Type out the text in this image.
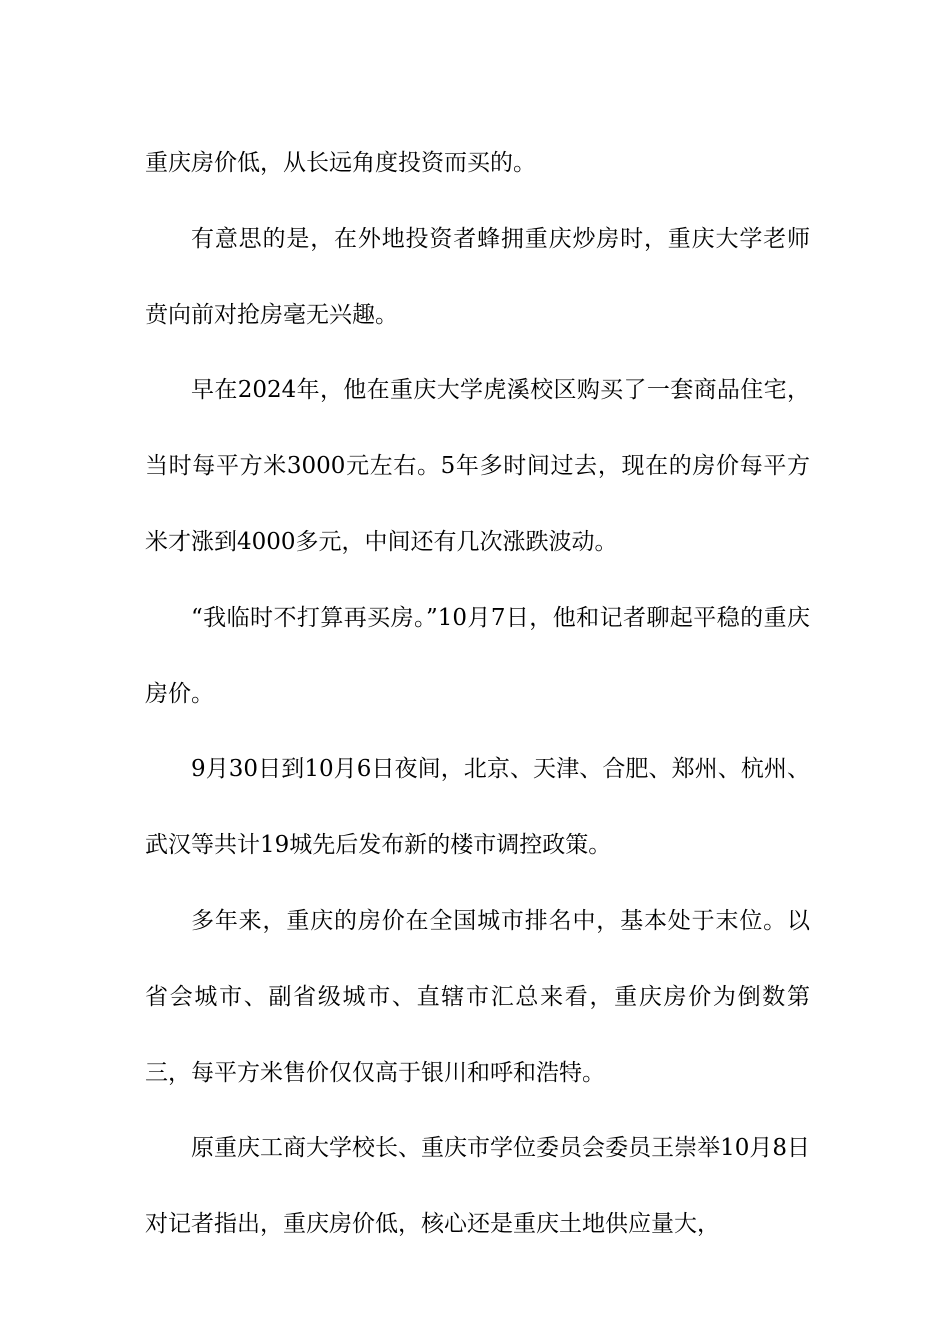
重庆房价低，从长远角度投资而买的。

有意思的是，在外地投资者蜂拥重庆炒房时，重庆大学老师贲向前对抢房毫无兴趣。

早在2024年，他在重庆大学虎溪校区购买了一套商品住宅，当时每平方米3000元左右。5年多时间过去，现在的房价每平方米才涨到4000多元，中间还有几次涨跌波动。

“我临时不打算再买房。”10月7日，他和记者聊起平稳的重庆房价。

9月30日到10月6日夜间，北京、天津、合肥、郑州、杭州、武汉等共计19城先后发布新的楼市调控政策。

多年来，重庆的房价在全国城市排名中，基本处于末位。以省会城市、副省级城市、直辖市汇总来看，重庆房价为倒数第三，每平方米售价仅仅高于银川和呼和浩特。

原重庆工商大学校长、重庆市学位委员会委员王崇举10月8日对记者指出，重庆房价低，核心还是重庆土地供应量大，
